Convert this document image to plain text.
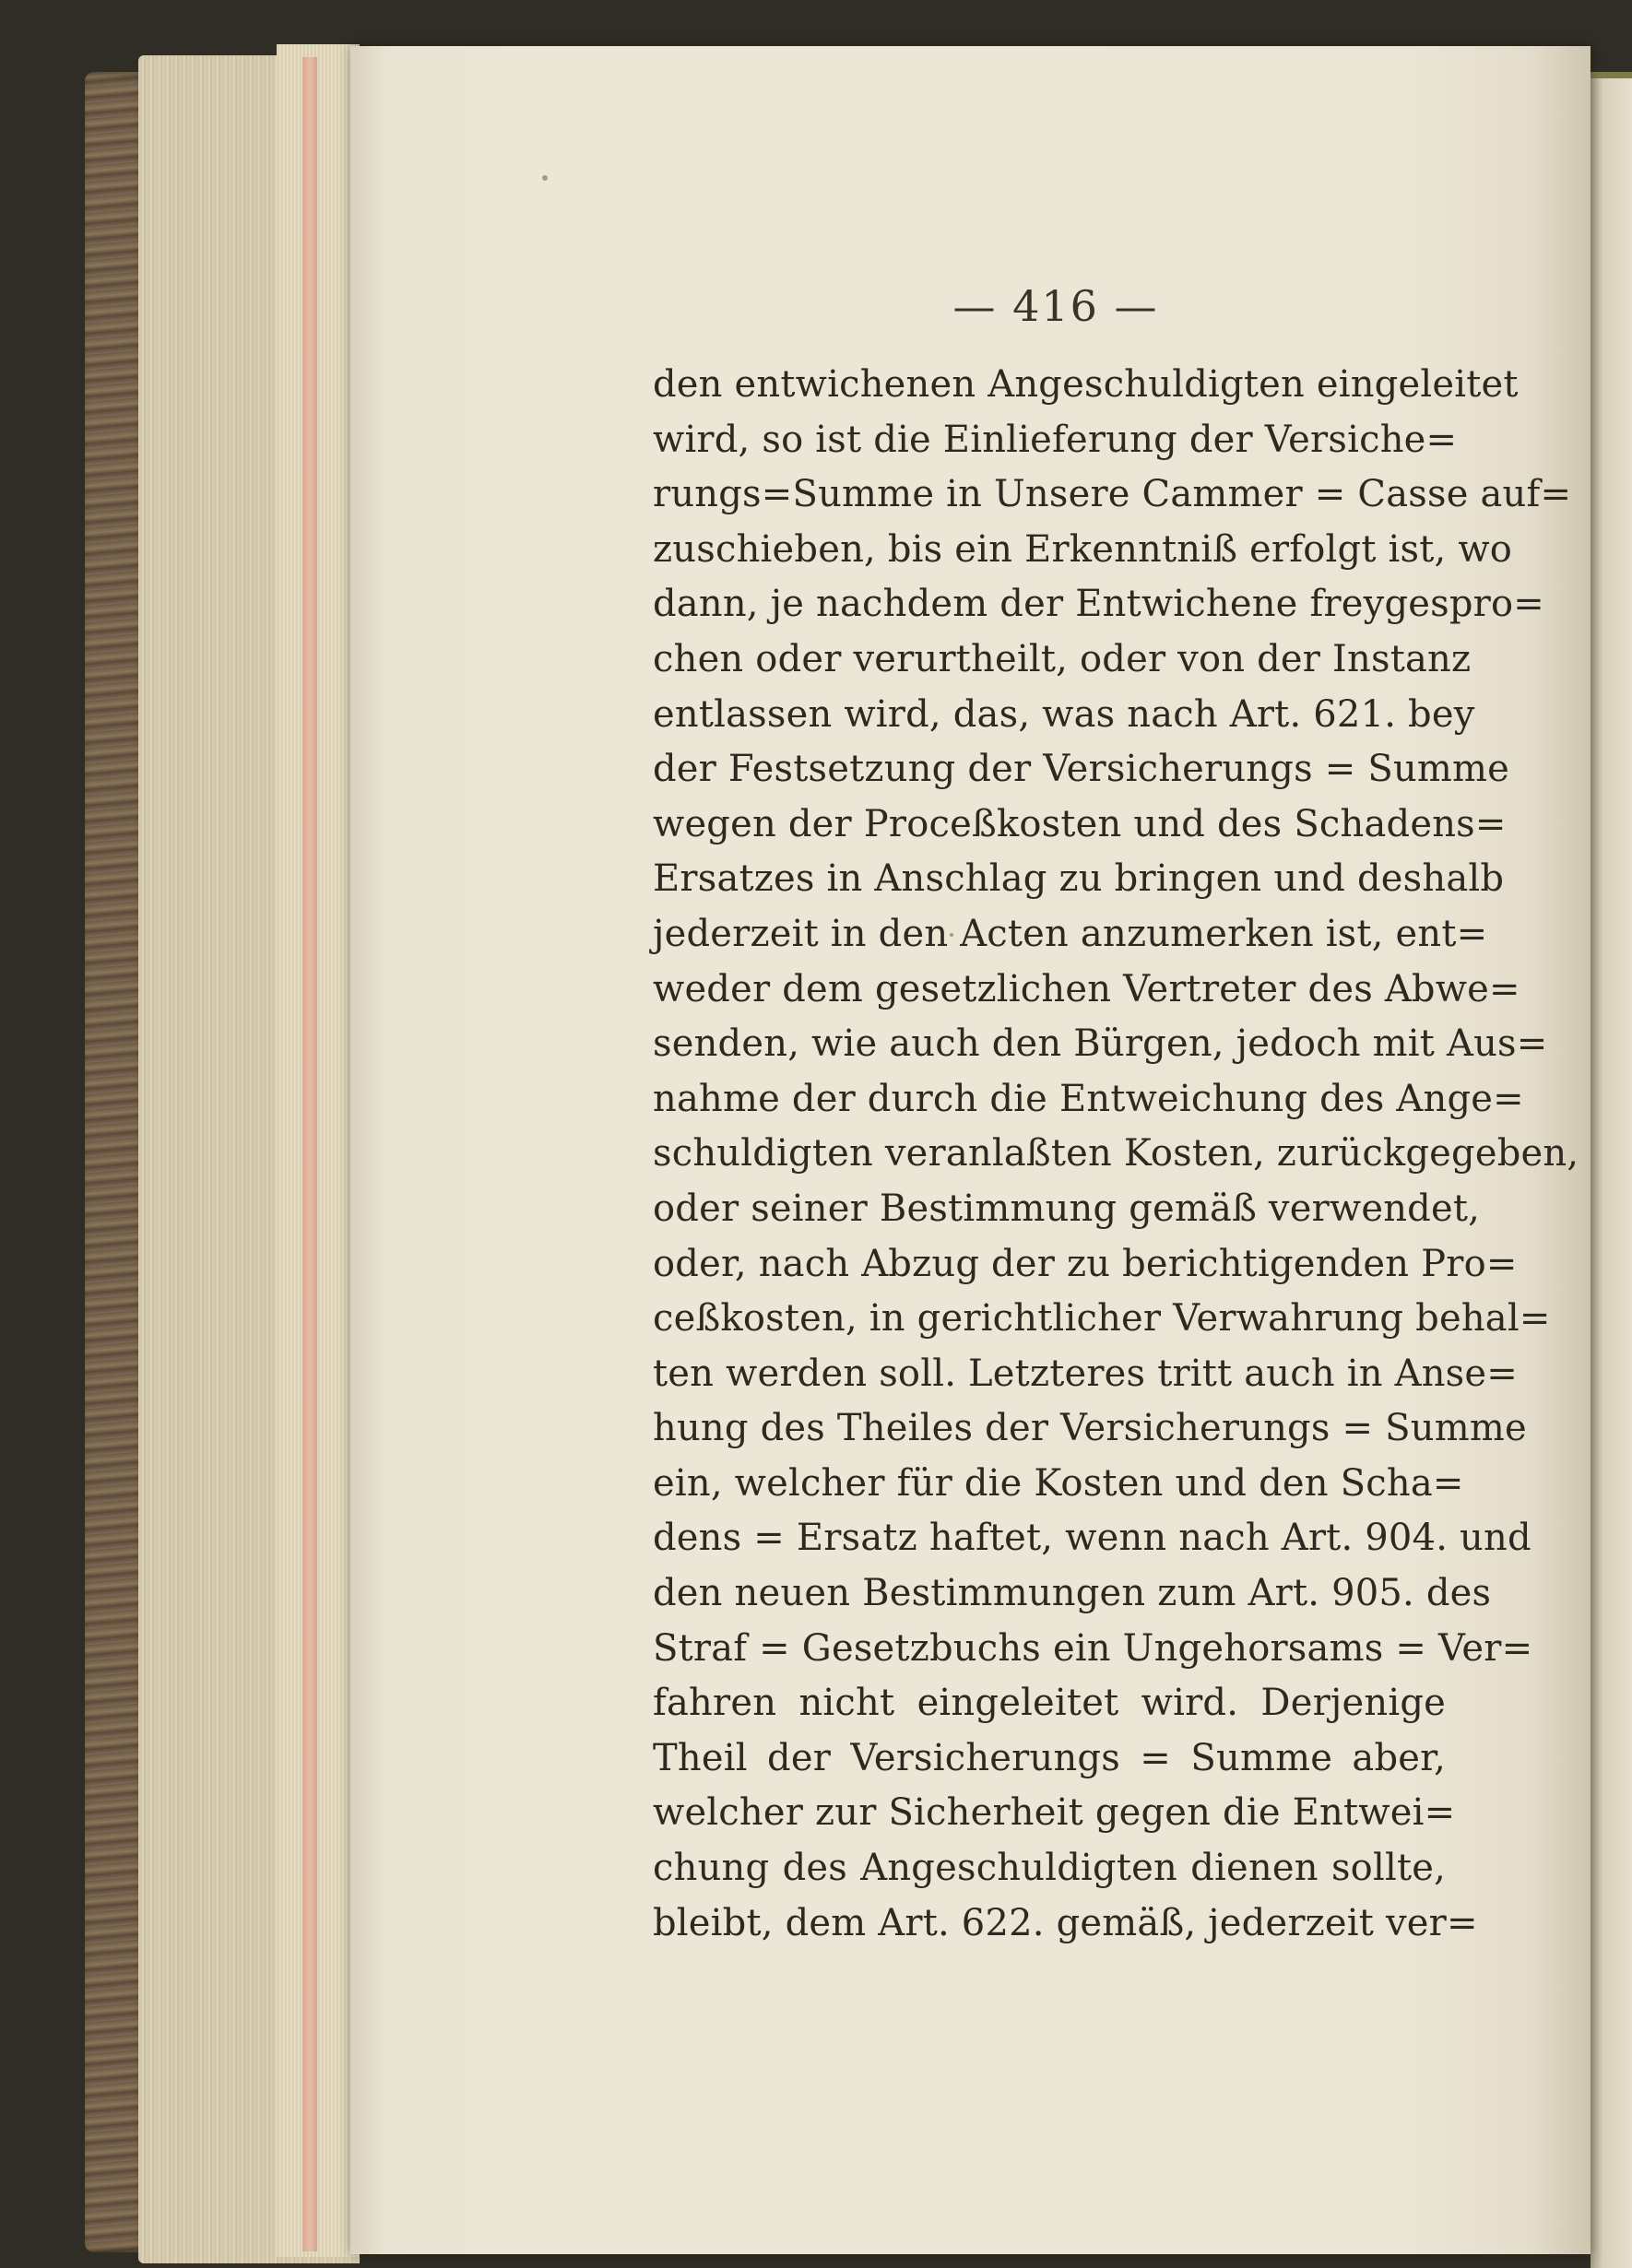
— 416 —
den entwichenen Angeschuldigten eingeleitet
wird, so ist die Einlieferung der Versiche=
rungs=Summe in Unsere Cammer = Casse auf=
zuschieben, bis ein Erkenntniß erfolgt ist, wo
dann, je nachdem der Entwichene freygespro=
chen oder verurtheilt, oder von der Instanz
entlassen wird, das, was nach Art. 621. bey
der Festsetzung der Versicherungs = Summe
wegen der Proceßkosten und des Schadens=
Ersatzes in Anschlag zu bringen und deshalb
jederzeit in den Acten anzumerken ist, ent=
weder dem gesetzlichen Vertreter des Abwe=
senden, wie auch den Bürgen, jedoch mit Aus=
nahme der durch die Entweichung des Ange=
schuldigten veranlaßten Kosten, zurückgegeben,
oder seiner Bestimmung gemäß verwendet,
oder, nach Abzug der zu berichtigenden Pro=
ceßkosten, in gerichtlicher Verwahrung behal=
ten werden soll. Letzteres tritt auch in Anse=
hung des Theiles der Versicherungs = Summe
ein, welcher für die Kosten und den Scha=
dens = Ersatz haftet, wenn nach Art. 904. und
den neuen Bestimmungen zum Art. 905. des
Straf = Gesetzbuchs ein Ungehorsams = Ver=
fahren nicht eingeleitet wird. Derjenige
Theil der Versicherungs = Summe aber,
welcher zur Sicherheit gegen die Entwei=
chung des Angeschuldigten dienen sollte,
bleibt, dem Art. 622. gemäß, jederzeit ver=
